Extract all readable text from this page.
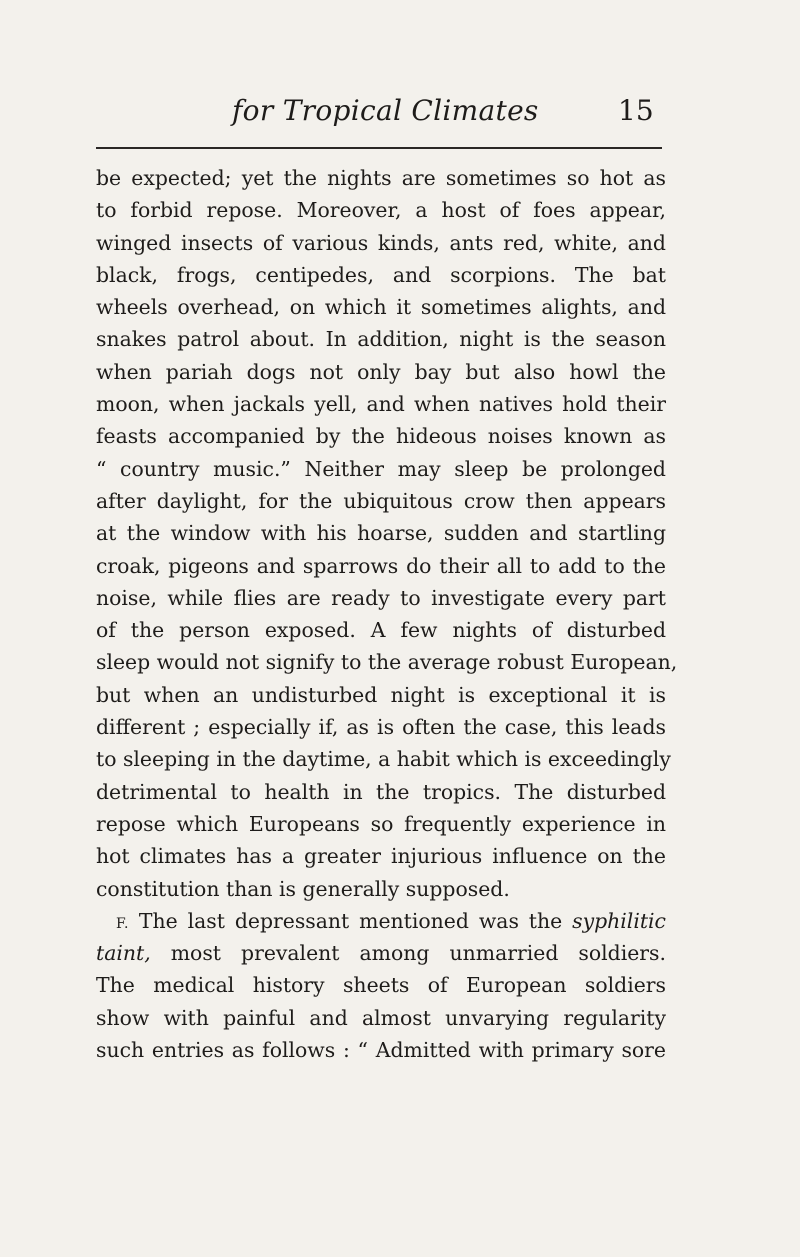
for Tropical Climates	15
be expected; yet the nights are sometimes so hot as
to forbid repose. Moreover, a host of foes appear,
winged insects of various kinds, ants red, white, and
black, frogs, centipedes, and scorpions. The bat
wheels overhead, on which it sometimes alights, and
snakes patrol about. In addition, night is the season
when pariah dogs not only bay but also howl the
moon, when jackals yell, and when natives hold their
feasts accompanied by the hideous noises known as
“ country music.” Neither may sleep be prolonged
after daylight, for the ubiquitous crow then appears
at the window with his hoarse, sudden and startling
croak, pigeons and sparrows do their all to add to the
noise, while flies are ready to investigate every part
of the person exposed. A few nights of disturbed
sleep would not signify to the average robust European,
but when an undisturbed night is exceptional it is
different ; especially if, as is often the case, this leads
to sleeping in the daytime, a habit which is exceedingly
detrimental to health in the tropics. The disturbed
repose which Europeans so frequently experience in
hot climates has a greater injurious influence on the
constitution than is generally supposed.
F. The last depressant mentioned was the syphilitic
taint, most prevalent among unmarried soldiers.
The medical history sheets of European soldiers
show with painful and almost unvarying regularity
such entries as follows : “ Admitted with primary sore
